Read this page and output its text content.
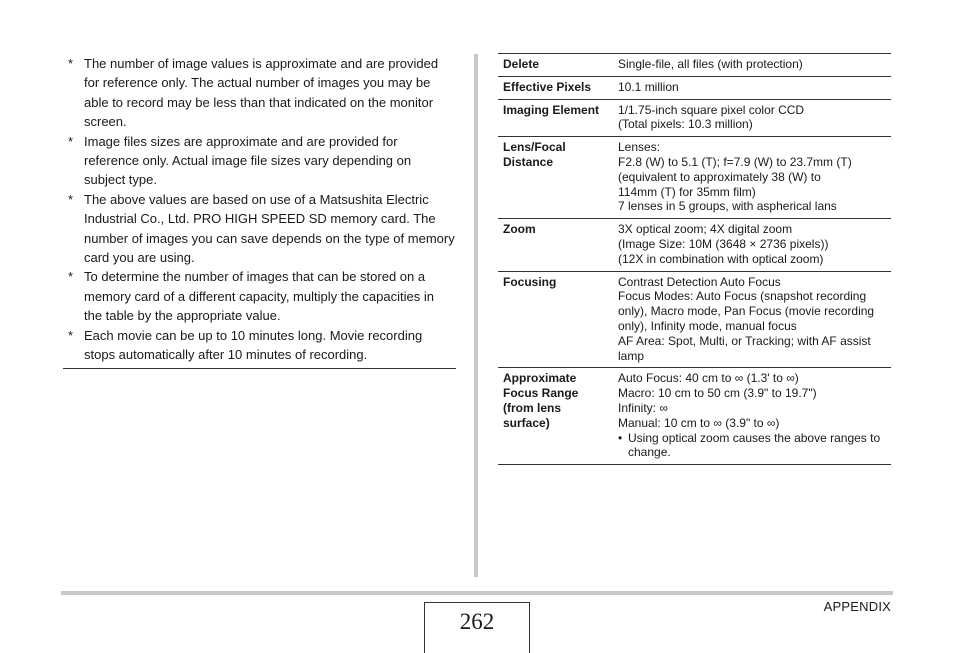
* The number of image values is approximate and are provided for reference only. The actual number of images you may be able to record may be less than that indicated on the monitor screen.
* Image files sizes are approximate and are provided for reference only. Actual image file sizes vary depending on subject type.
* The above values are based on use of a Matsushita Electric Industrial Co., Ltd. PRO HIGH SPEED SD memory card. The number of images you can save depends on the type of memory card you are using.
* To determine the number of images that can be stored on a memory card of a different capacity, multiply the capacities in the table by the appropriate value.
* Each movie can be up to 10 minutes long. Movie recording stops automatically after 10 minutes of recording.
Delete	Single-file, all files (with protection)

Effective Pixels	10.1 million

Imaging Element	1/1.75-inch square pixel color CCD
(Total pixels: 10.3 million)

Lens/Focal Distance	Lenses:
F2.8 (W) to 5.1 (T); f=7.9 (W) to 23.7mm (T)
(equivalent to approximately 38 (W) to
114mm (T) for 35mm film)
7 lenses in 5 groups, with aspherical lans

Zoom	3X optical zoom; 4X digital zoom
(Image Size: 10M (3648 × 2736 pixels))
(12X in combination with optical zoom)

Focusing	Contrast Detection Auto Focus
Focus Modes: Auto Focus (snapshot recording only), Macro mode, Pan Focus (movie recording only), Infinity mode, manual focus
AF Area: Spot, Multi, or Tracking; with AF assist lamp

Approximate Focus Range (from lens surface)	Auto Focus: 40 cm to ∞ (1.3' to ∞)
Macro: 10 cm to 50 cm (3.9" to 19.7")
Infinity: ∞
Manual: 10 cm to ∞ (3.9" to ∞)
• Using optical zoom causes the above ranges to change.
262
APPENDIX
